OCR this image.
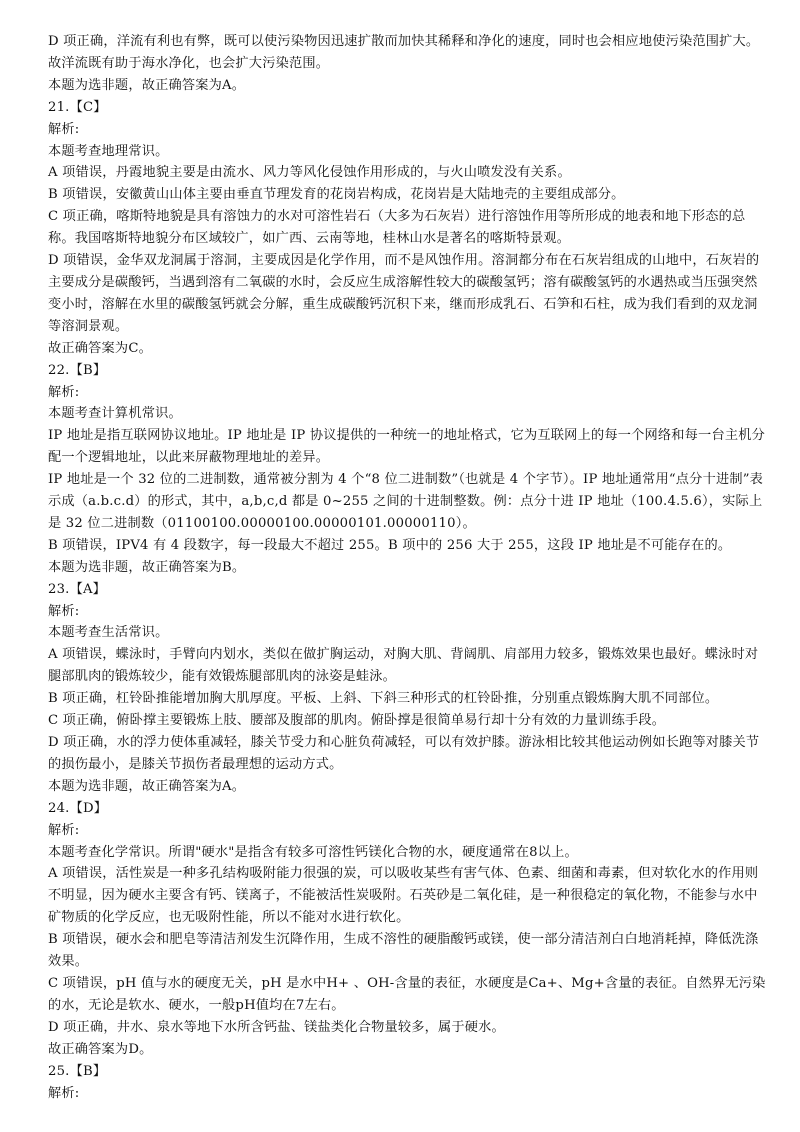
D 项正确，洋流有利也有弊，既可以使污染物因迅速扩散而加快其稀释和净化的速度，同时也会相应地使污染范围扩大。故洋流既有助于海水净化，也会扩大污染范围。

本题为选非题，故正确答案为A。

21.【C】

解析:

本题考查地理常识。

A 项错误，丹霞地貌主要是由流水、风力等风化侵蚀作用形成的，与火山喷发没有关系。

B 项错误，安徽黄山山体主要由垂直节理发育的花岗岩构成，花岗岩是大陆地壳的主要组成部分。

C 项正确，喀斯特地貌是具有溶蚀力的水对可溶性岩石（大多为石灰岩）进行溶蚀作用等所形成的地表和地下形态的总称。我国喀斯特地貌分布区域较广，如广西、云南等地，桂林山水是著名的喀斯特景观。

D 项错误，金华双龙洞属于溶洞，主要成因是化学作用，而不是风蚀作用。溶洞都分布在石灰岩组成的山地中，石灰岩的主要成分是碳酸钙，当遇到溶有二氧碳的水时，会反应生成溶解性较大的碳酸氢钙；溶有碳酸氢钙的水遇热或当压强突然变小时，溶解在水里的碳酸氢钙就会分解，重生成碳酸钙沉积下来，继而形成乳石、石笋和石柱，成为我们看到的双龙洞等溶洞景观。

故正确答案为C。

22.【B】

解析:

本题考查计算机常识。

IP 地址是指互联网协议地址。IP 地址是 IP 协议提供的一种统一的地址格式，它为互联网上的每一个网络和每一台主机分配一个逻辑地址，以此来屏蔽物理地址的差异。

IP 地址是一个 32 位的二进制数，通常被分割为 4 个“8 位二进制数”（也就是 4 个字节）。IP 地址通常用“点分十进制”表示成（a.b.c.d）的形式，其中，a,b,c,d 都是 0~255 之间的十进制整数。例：点分十进 IP 地址（100.4.5.6），实际上是 32 位二进制数（01100100.00000100.00000101.00000110）。

B 项错误，IPV4 有 4 段数字，每一段最大不超过 255。B 项中的 256 大于 255，这段 IP 地址是不可能存在的。

本题为选非题，故正确答案为B。

23.【A】

解析:

本题考查生活常识。

A 项错误，蝶泳时，手臂向内划水，类似在做扩胸运动，对胸大肌、背阔肌、肩部用力较多，锻炼效果也最好。蝶泳时对腿部肌肉的锻炼较少，能有效锻炼腿部肌肉的泳姿是蛙泳。

B 项正确，杠铃卧推能增加胸大肌厚度。平板、上斜、下斜三种形式的杠铃卧推，分别重点锻炼胸大肌不同部位。

C 项正确，俯卧撑主要锻炼上肢、腰部及腹部的肌肉。俯卧撑是很简单易行却十分有效的力量训练手段。

D 项正确，水的浮力使体重减轻，膝关节受力和心脏负荷减轻，可以有效护膝。游泳相比较其他运动例如长跑等对膝关节的损伤最小，是膝关节损伤者最理想的运动方式。

本题为选非题，故正确答案为A。

24.【D】

解析:

本题考查化学常识。所谓"硬水"是指含有较多可溶性钙镁化合物的水，硬度通常在8以上。

A 项错误，活性炭是一种多孔结构吸附能力很强的炭，可以吸收某些有害气体、色素、细菌和毒素，但对软化水的作用则不明显，因为硬水主要含有钙、镁离子，不能被活性炭吸附。石英砂是二氧化硅，是一种很稳定的氧化物，不能参与水中矿物质的化学反应，也无吸附性能，所以不能对水进行软化。

B 项错误，硬水会和肥皂等清洁剂发生沉降作用，生成不溶性的硬脂酸钙或镁，使一部分清洁剂白白地消耗掉，降低洗涤效果。

C 项错误，pH 值与水的硬度无关，pH 是水中H+ 、OH-含量的表征，水硬度是Ca+、Mg+含量的表征。自然界无污染的水，无论是软水、硬水，一般pH值均在7左右。

D 项正确，井水、泉水等地下水所含钙盐、镁盐类化合物量较多，属于硬水。

故正确答案为D。

25.【B】

解析:
